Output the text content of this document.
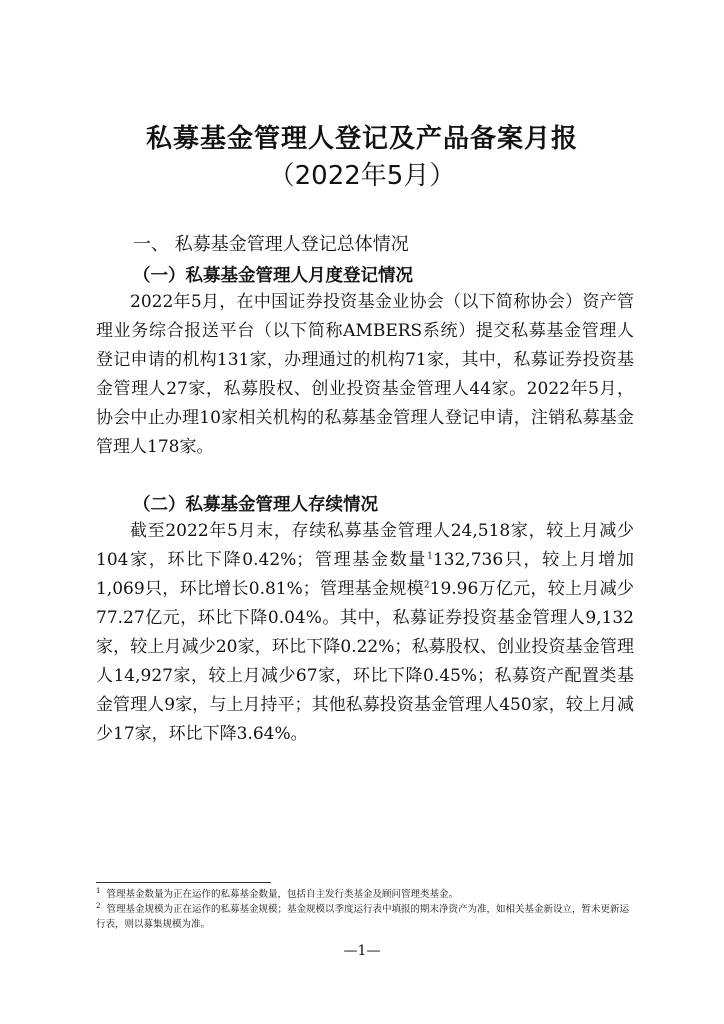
私募基金管理人登记及产品备案月报
（2022年5月）
一、 私募基金管理人登记总体情况
（一）私募基金管理人月度登记情况

2022年5月，在中国证券投资基金业协会（以下简称协会）资产管理业务综合报送平台（以下简称AMBERS系统）提交私募基金管理人登记申请的机构131家，办理通过的机构71家，其中，私募证券投资基金管理人27家，私募股权、创业投资基金管理人44家。2022年5月，协会中止办理10家相关机构的私募基金管理人登记申请，注销私募基金管理人178家。

（二）私募基金管理人存续情况

截至2022年5月末，存续私募基金管理人24,518家，较上月减少104家，环比下降0.42%；管理基金数量$^1$132,736只，较上月增加1,069只，环比增长0.81%；管理基金规模$^2$19.96万亿元，较上月减少77.27亿元，环比下降0.04%。其中，私募证券投资基金管理人9,132家，较上月减少20家，环比下降0.22%；私募股权、创业投资基金管理人14,927家，较上月减少67家，环比下降0.45%；私募资产配置类基金管理人9家，与上月持平；其他私募投资基金管理人450家，较上月减少17家，环比下降3.64%。

$^1$ 管理基金数量为正在运作的私募基金数量，包括自主发行类基金及顾问管理类基金。

$^2$ 管理基金规模为正在运作的私募基金规模；基金规模以季度运行表中填报的期末净资产为准，如相关基金新设立，暂未更新运行表，则以募集规模为准。

—1—
